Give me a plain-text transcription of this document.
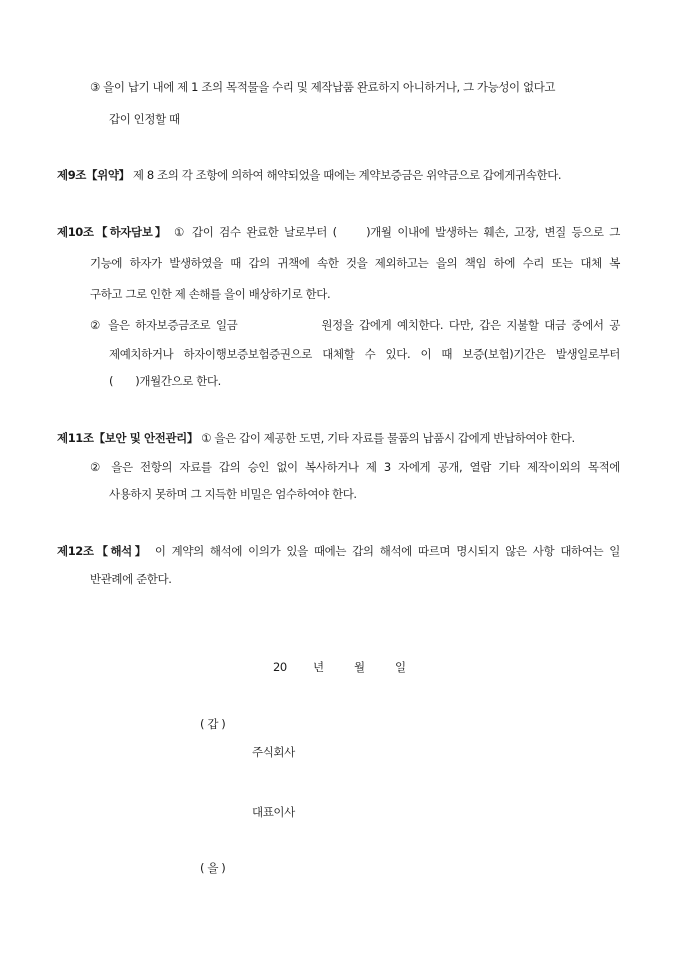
③ 을이 납기 내에 제 1 조의 목적물을 수리 및 제작납품 완료하지 아니하거나, 그 가능성이 없다고
갑이 인정할 때
제9조【위약】 제 8 조의 각 조항에 의하여 해약되었을 때에는 계약보증금은 위약금으로 갑에게귀속한다.
제10조【하자담보】 ① 갑이 검수 완료한 날로부터 (　　)개월 이내에 발생하는 훼손, 고장, 변질 등으로 그
기능에 하자가 발생하였을 때 갑의 귀책에 속한 것을 제외하고는 을의 책임 하에 수리 또는 대체 복
구하고 그로 인한 제 손해를 을이 배상하기로 한다.
② 을은 하자보증금조로 일금　　　　　　원정을 갑에게 예치한다. 다만, 갑은 지불할 대금 중에서 공
제예치하거나 하자이행보증보험증권으로 대체할 수 있다. 이 때 보증(보험)기간은 발생일로부터
(　　)개월간으로 한다.
제11조【보안 및 안전관리】 ① 을은 갑이 제공한 도면, 기타 자료를 물품의 납품시 갑에게 반납하여야 한다.
② 을은 전항의 자료를 갑의 승인 없이 복사하거나 제 3 자에게 공개, 열람 기타 제작이외의 목적에
사용하지 못하며 그 지득한 비밀은 엄수하여야 한다.
제12조【해석】 이 계약의 해석에 이의가 있을 때에는 갑의 해석에 따르며 명시되지 않은 사항 대하여는 일
반관례에 준한다.
20 년	월	일
( 갑 )
주식회사
대표이사
( 을 )
